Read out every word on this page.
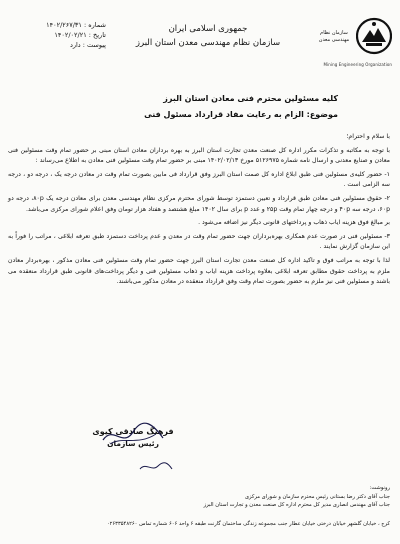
سازمان نظام مهندسی معدن
Mining Engineering Organization
جمهوری اسلامی ایران
سازمان نظام مهندسی معدن استان البرز
شماره : ۱۴۰۲/۲۶۷/۳۱
تاریخ : ۱۴۰۲/۰۲/۲۱
پیوست : دارد
کلیه مسئولین محترم فنی معادن استان البرز
موضوع: الزام به رعایت مفاد قرارداد مسئول فنی

با سلام و احترام؛

با توجه به مکاتبه و تذکرات مکرر اداره کل صنعت معدن تجارت استان البرز به بهره برداران معادن استان مبنی بر حضور تمام وقت مسئولین فنی معادن و صنایع معدنی و ارسال نامه شماره ۵۱۲۶۹۷۵ مورخ ۱۴۰۲/۰۲/۱۳ مبنی بر حضور تمام وقت مسئولین فنی معادن به اطلاع می‌رساند :

۱- حضور کلیه‌ی مسئولین فنی طبق ابلاغ اداره کل صمت استان البرز وفق قرارداد فی مابین بصورت تمام وقت در معادن درجه یک ، درجه دو ، درجه سه الزامی است .

۲- حقوق مسئولین فنی معادن طبق قرارداد و تعیین دستمزد توسط شورای محترم مرکزی نظام مهندسی معدن برای معادن درجه یک ۸۰p، درجه دو ۶۰p، درجه سه ۴۰p و درجه چهار تمام وقت ۲۵p و عدد p برای سال ۱۴۰۲ مبلغ هشتصد و هفتاد هزار تومان وفق اعلام شورای مرکزی می‌باشد.

بر مبالغ فوق هزینه ایاب ذهاب و پرداختهای قانونی دیگر نیز اضافه می‌شود .

۳- مسئولین فنی در صورت عدم همکاری بهره‌برداران جهت حضور تمام وقت در معدن و عدم پرداخت دستمزد طبق تعرفه ابلاغی ، مراتب را فوراً به این سازمان گزارش نمایند .

لذا با توجه به مراتب فوق و تاکید اداره کل صنعت معدن تجارت استان البرز جهت حضور تمام وقت مسئولین فنی معادن مذکور ، بهره‌بردار معادن ملزم به پرداخت حقوق مطابق تعرفه ابلاغی بعلاوه پرداخت هزینه ایاب و ذهاب مسئولین فنی و دیگر پرداخت‌های قانونی طبق قرارداد منعقده می باشند و مسئولین فنی نیز ملزم به حضور بصورت تمام وقت وفق قرارداد منعقده در معادن مذکور می‌باشند.

فرهنگ صادقی کیوی
رئیس سازمان
رونوشت:
جناب آقای دکتر رضا بستانی رئیس محترم سازمان و شورای مرکزی
جناب آقای مهندس انصاری مدیر کل محترم اداره کل صنعت معدن و تجارت استان البرز
کرج ، خیابان گلشهر خیابان درختی خیابان عطار جنب مجموعه زندگی ساختمان گارنت طبقه ۶ واحد ۶۰۶ شماره تماس ۰۲۶۳۳۵۴۸۲۶۰
